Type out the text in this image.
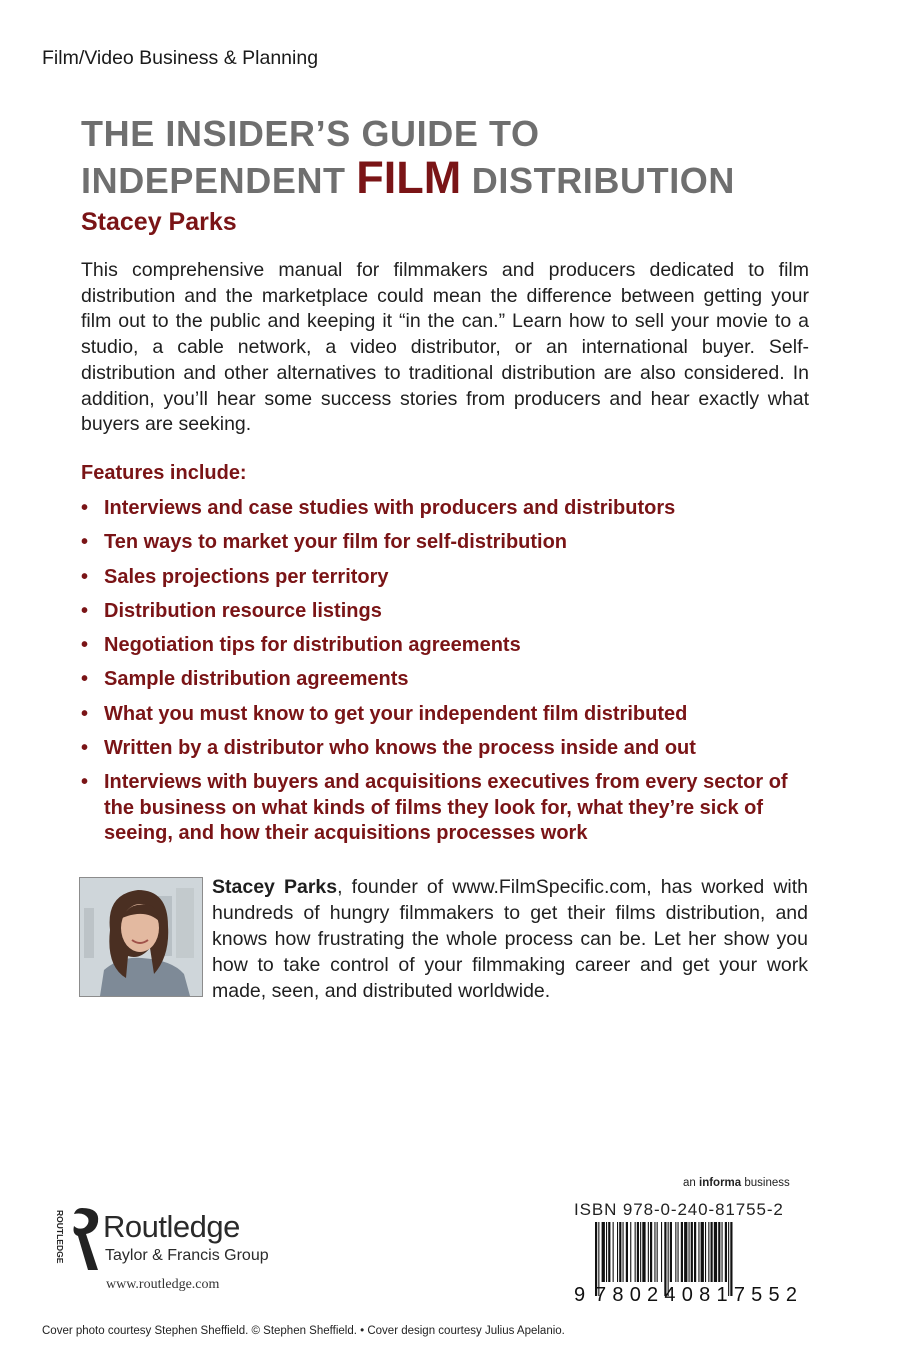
Film/Video Business & Planning
THE INSIDER’S GUIDE TO
INDEPENDENT FILM DISTRIBUTION
Stacey Parks
This comprehensive manual for filmmakers and producers dedicated to film distribution and the marketplace could mean the difference between getting your film out to the public and keeping it “in the can.” Learn how to sell your movie to a studio, a cable network, a video distributor, or an international buyer. Self-distribution and other alternatives to traditional distribution are also considered. In addition, you’ll hear some success stories from producers and hear exactly what buyers are seeking.
Features include:
• Interviews and case studies with producers and distributors
• Ten ways to market your film for self-distribution
• Sales projections per territory
• Distribution resource listings
• Negotiation tips for distribution agreements
• Sample distribution agreements
• What you must know to get your independent film distributed
• Written by a distributor who knows the process inside and out
• Interviews with buyers and acquisitions executives from every sector of the business on what kinds of films they look for, what they’re sick of seeing, and how their acquisitions processes work
Stacey Parks, founder of www.FilmSpecific.com, has worked with hundreds of hungry filmmakers to get their films distribution, and knows how frustrating the whole process can be. Let her show you how to take control of your filmmaking career and get your work made, seen, and distributed worldwide.
ROUTLEDGE Routledge
Taylor & Francis Group
www.routledge.com
an informa business
ISBN 978-0-240-81755-2
9 780240817552
Cover photo courtesy Stephen Sheffield. © Stephen Sheffield. • Cover design courtesy Julius Apelanio.
